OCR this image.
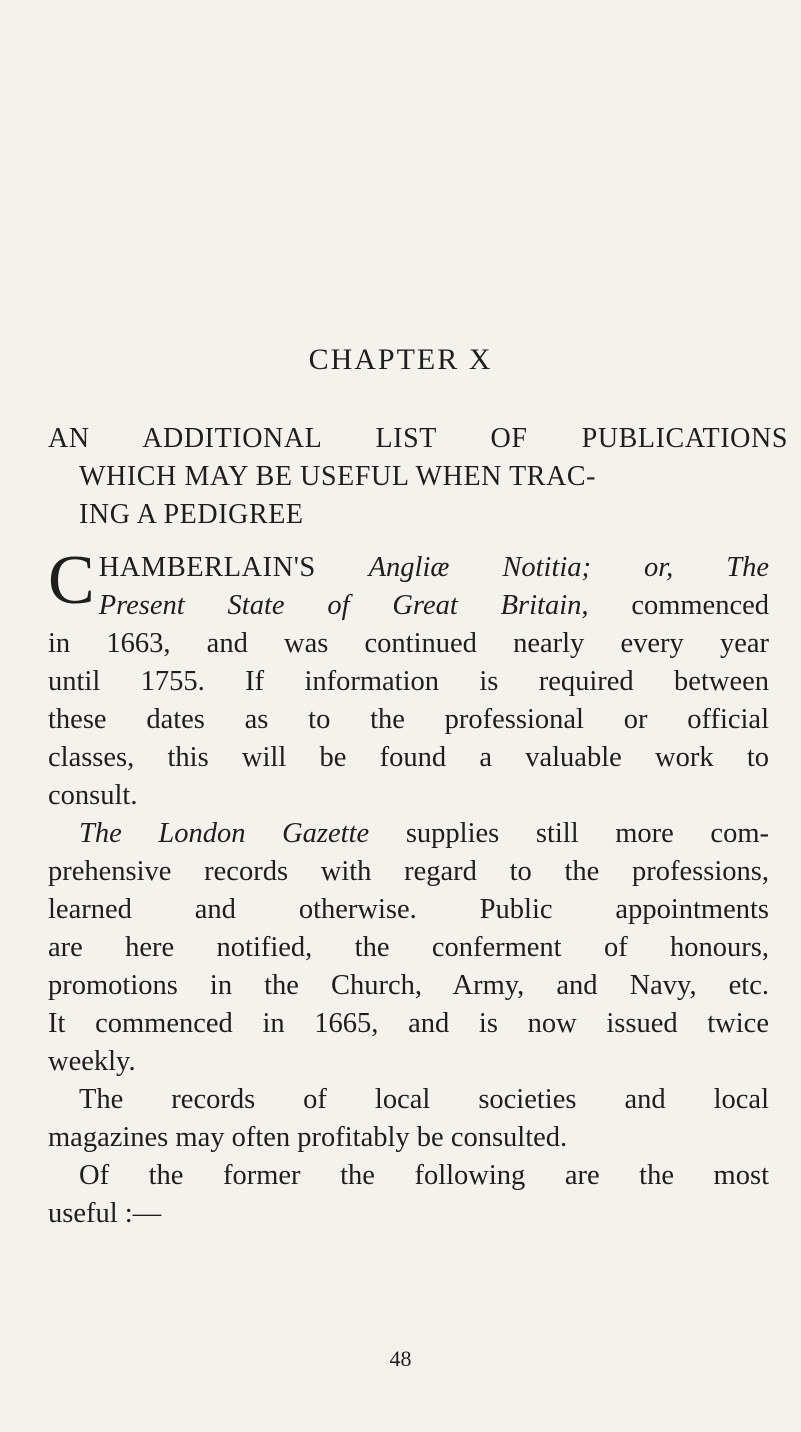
CHAPTER X
AN ADDITIONAL LIST OF PUBLICATIONS
WHICH MAY BE USEFUL WHEN TRAC-
ING A PEDIGREE
C HAMBERLAIN'S Angliæ Notitia; or, The
Present State of Great Britain, commenced
in 1663, and was continued nearly every year
until 1755. If information is required between
these dates as to the professional or official
classes, this will be found a valuable work to
consult.
The London Gazette supplies still more com-
prehensive records with regard to the professions,
learned and otherwise. Public appointments
are here notified, the conferment of honours,
promotions in the Church, Army, and Navy, etc.
It commenced in 1665, and is now issued twice
weekly.
The records of local societies and local
magazines may often profitably be consulted.
Of the former the following are the most
useful :—
48
